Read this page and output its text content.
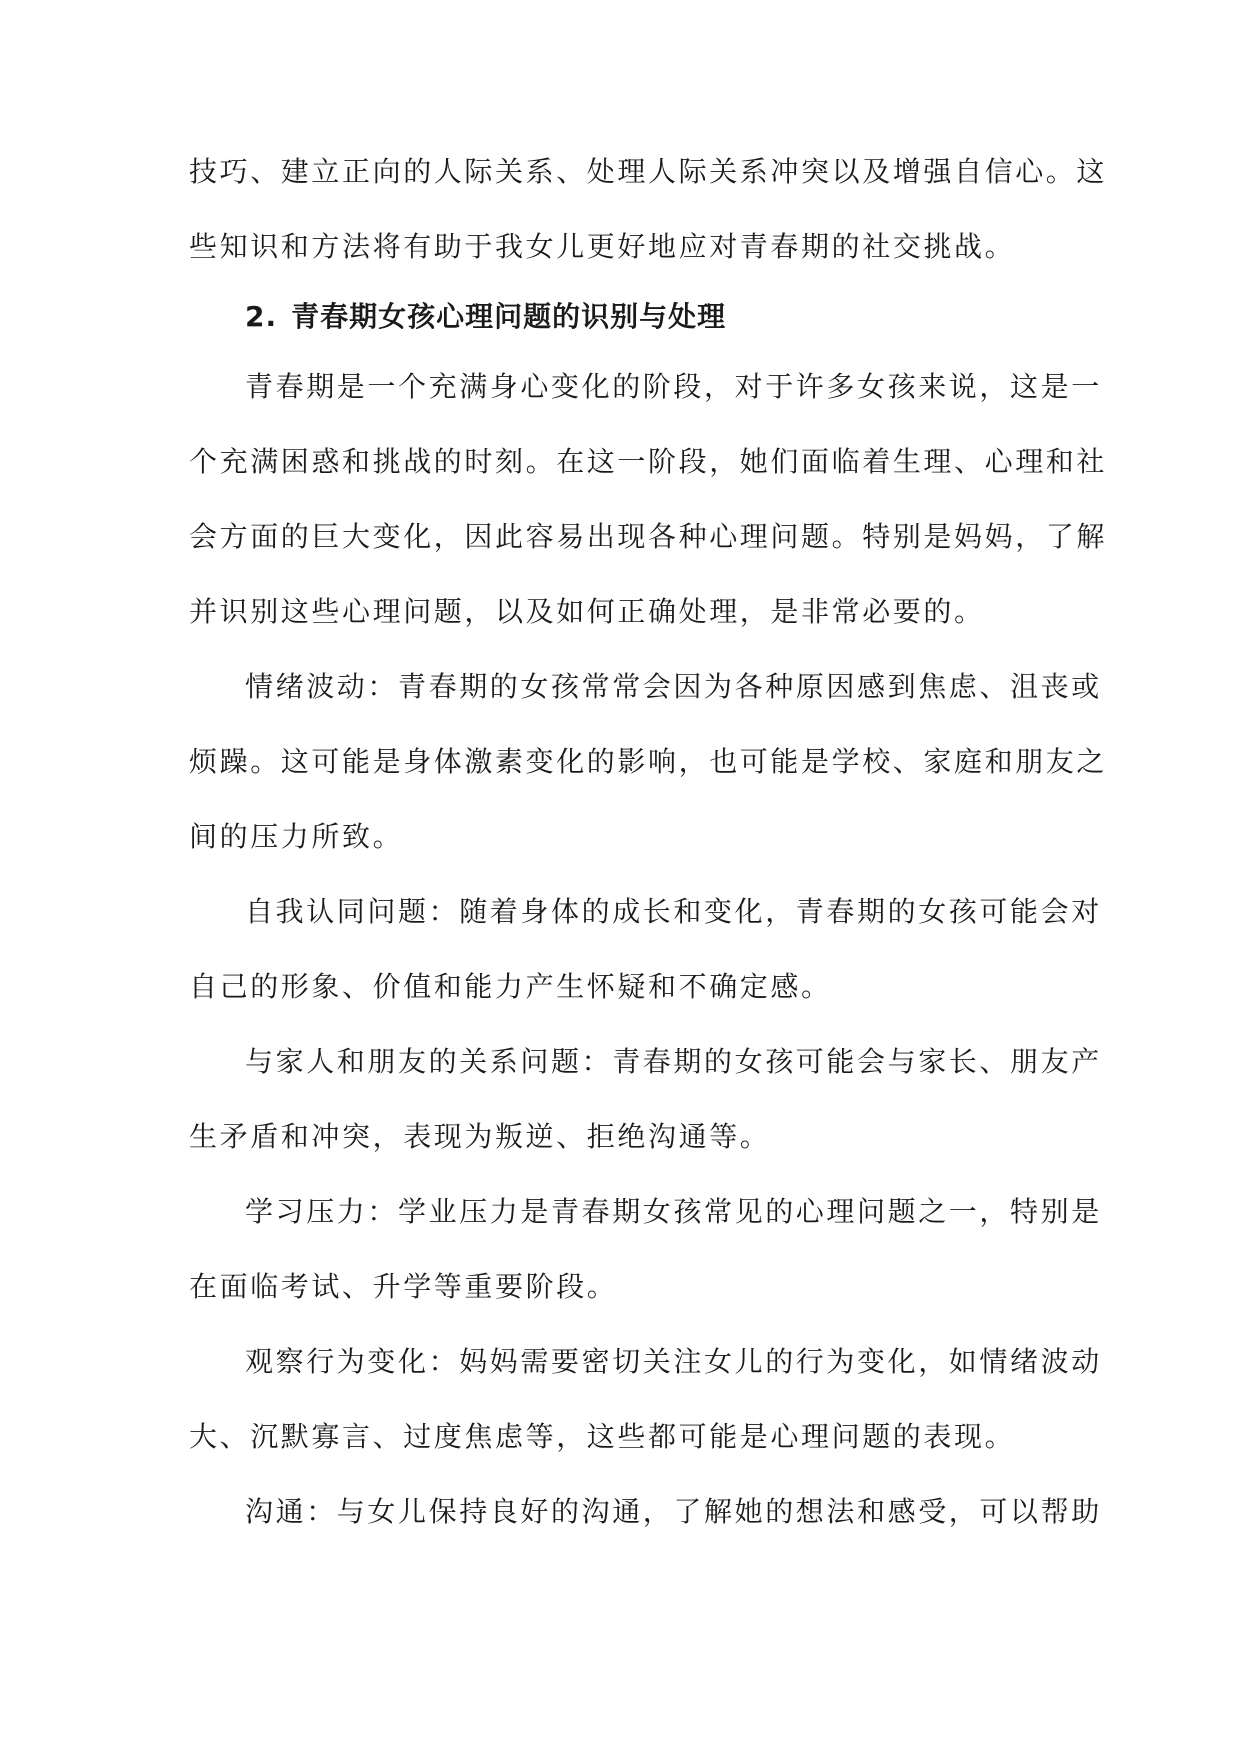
技巧、建立正向的人际关系、处理人际关系冲突以及增强自信心。这
些知识和方法将有助于我女儿更好地应对青春期的社交挑战。
2. 青春期女孩心理问题的识别与处理
青春期是一个充满身心变化的阶段，对于许多女孩来说，这是一
个充满困惑和挑战的时刻。在这一阶段，她们面临着生理、心理和社
会方面的巨大变化，因此容易出现各种心理问题。特别是妈妈，了解
并识别这些心理问题，以及如何正确处理，是非常必要的。
情绪波动：青春期的女孩常常会因为各种原因感到焦虑、沮丧或
烦躁。这可能是身体激素变化的影响，也可能是学校、家庭和朋友之
间的压力所致。
自我认同问题：随着身体的成长和变化，青春期的女孩可能会对
自己的形象、价值和能力产生怀疑和不确定感。
与家人和朋友的关系问题：青春期的女孩可能会与家长、朋友产
生矛盾和冲突，表现为叛逆、拒绝沟通等。
学习压力：学业压力是青春期女孩常见的心理问题之一，特别是
在面临考试、升学等重要阶段。
观察行为变化：妈妈需要密切关注女儿的行为变化，如情绪波动
大、沉默寡言、过度焦虑等，这些都可能是心理问题的表现。
沟通：与女儿保持良好的沟通，了解她的想法和感受，可以帮助
